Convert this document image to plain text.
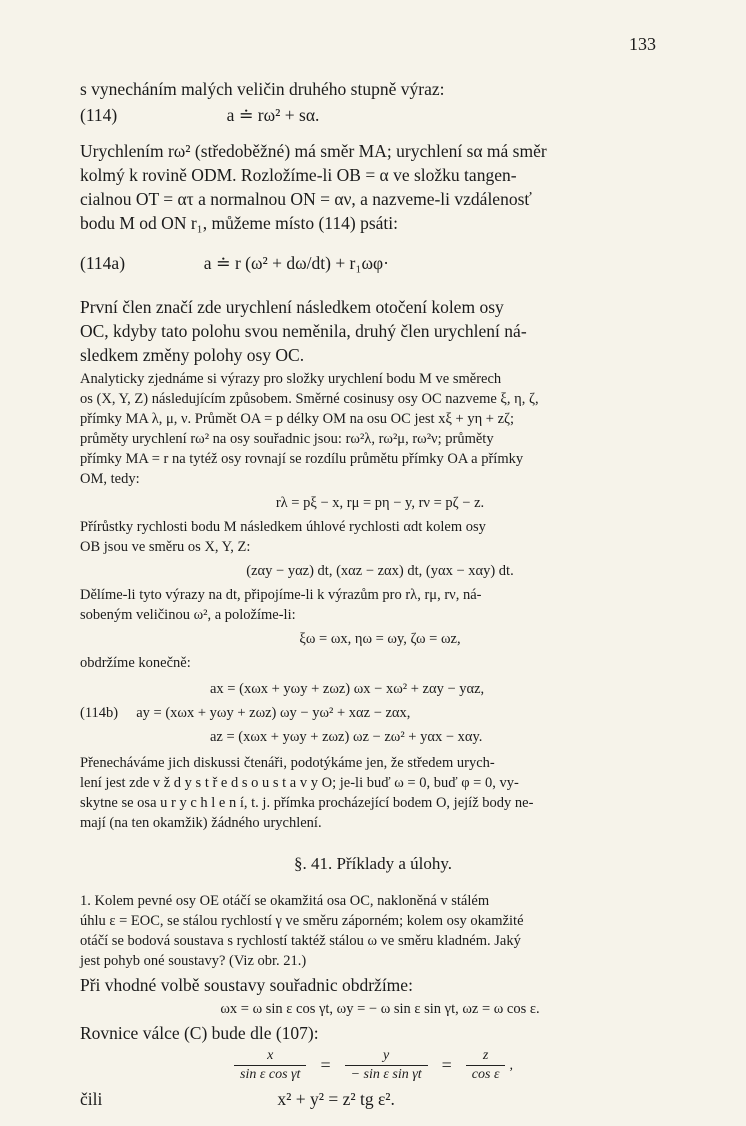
133
s vynecháním malých veličin druhého stupně výraz:
(114)                         a ≐ rω² + sα.
Urychlením rω² (středoběžné) má směr MA; urychlení sα má směr
kolmý k rovině ODM. Rozložíme-li OB = α ve složku tangen-
cialnou OT = ατ a normalnou ON = αν, a nazveme-li vzdálenosť
bodu M od ON r₁, můžeme místo (114) psáti:
(114a)                  a ≐ r (ω² + dω/dt) + r₁ωφ·
První člen značí zde urychlení následkem otočení kolem osy
OC, kdyby tato polohu svou neměnila, druhý člen urychlení ná-
sledkem změny polohy osy OC.
Analyticky zjednáme si výrazy pro složky urychlení bodu M ve směrech
os (X, Y, Z) následujícím způsobem. Směrné cosinusy osy OC nazveme ξ, η, ζ,
přímky MA λ, μ, ν. Průmět OA = p délky OM na osu OC jest xξ + yη + zζ;
průměty urychlení rω² na osy souřadnic jsou: rω²λ, rω²μ, rω²ν; průměty
přímky MA = r na tytéž osy rovnají se rozdílu průmětu přímky OA a přímky
OM, tedy:
rλ = pξ − x, rμ = pη − y, rν = pζ − z.
Přírůstky rychlosti bodu M následkem úhlové rychlosti αdt kolem osy
OB jsou ve směru os X, Y, Z:
(zαy − yαz) dt, (xαz − zαx) dt, (yαx − xαy) dt.
Dělíme-li tyto výrazy na dt, připojíme-li k výrazům pro rλ, rμ, rν, ná-
sobeným veličinou ω², a položíme-li:
ξω = ωx, ηω = ωy, ζω = ωz,
obdržíme konečně:
ax = (xωx + yωy + zωz) ωx − xω² + zαy − yαz,
(114b)     ay = (xωx + yωy + zωz) ωy − yω² + xαz − zαx,
az = (xωx + yωy + zωz) ωz − zω² + yαx − xαy.
Přenecháváme jich diskussi čtenáři, podotýkáme jen, že středem urych-
lení jest zde v ž d y s t ř e d s o u s t a v y O; je-li buď ω = 0, buď φ = 0, vy-
skytne se osa u r y c h l e n í, t. j. přímka procházející bodem O, jejíž body ne-
mají (na ten okamžik) žádného urychlení.
§. 41. Příklady a úlohy.
1. Kolem pevné osy OE otáčí se okamžitá osa OC, nakloněná v stálém
úhlu ε = EOC, se stálou rychlostí γ ve směru záporném; kolem osy okamžité
otáčí se bodová soustava s rychlostí taktéž stálou ω ve směru kladném. Jaký
jest pohyb oné soustavy? (Viz obr. 21.)
Při vhodné volbě soustavy souřadnic obdržíme:
ωx = ω sin ε cos γt, ωy = − ω sin ε sin γt, ωz = ω cos ε.
Rovnice válce (C) bude dle (107):
$\frac{x}{\text{sin ε cos γt}} = \frac{y}{\text{− sin ε sin γt}} = \frac{z}{\text{cos ε}}$ ,
čili                                        x² + y² = z² tg ε².
